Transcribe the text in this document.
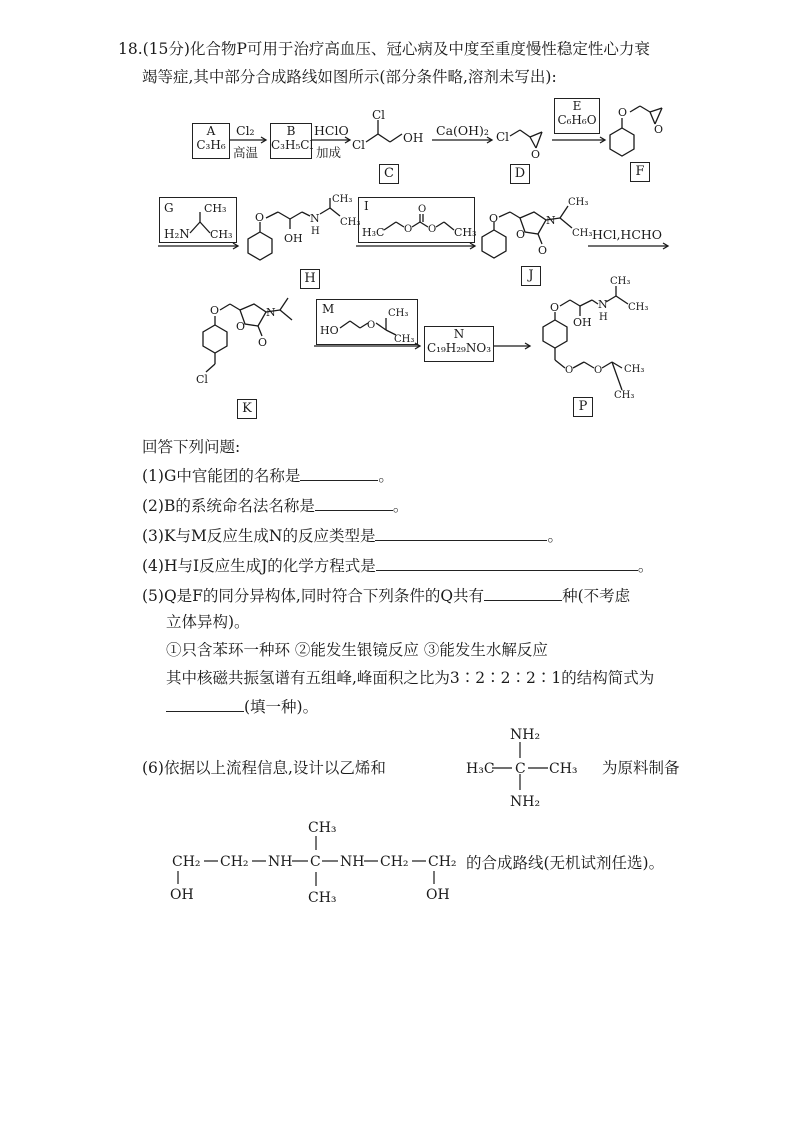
18.(15分)化合物P可用于治疗高血压、冠心病及中度至重度慢性稳定性心力衰
竭等症,其中部分合成路线如图所示(部分条件略,溶剂未写出):
A
C₃H₆
Cl₂
高温
B
C₃H₅Cl
HClO
加成
Ca(OH)₂
E
C₆H₆O
C	D	F
HCl,HCHO
H	J
N
C₁₉H₂₉NO₃
K	P
Cl
Cl
OH	Cl
O
O
O
G
H₂N
CH₃
CH₃
O
OH
N
H
CH₃
CH₃
I
H₃C O
O
O CH₃
O
O
N
O
CH₃
CH₃
M
HO	O
CH₃
CH₃
O
O
N
O
Cl
O
OH
N
H
CH₃
CH₃
O O CH₃
CH₃
回答下列问题:
(1)G中官能团的名称是	。
(2)B的系统命名法名称是	。
(3)K与M反应生成N的反应类型是	。
(4)H与I反应生成J的化学方程式是	。
(5)Q是F的同分异构体,同时符合下列条件的Q共有	种(不考虑
立体异构)。
①只含苯环一种环 ②能发生银镜反应 ③能发生水解反应
其中核磁共振氢谱有五组峰,峰面积之比为3∶2∶2∶2∶1的结构简式为
(填一种)。
(6)依据以上流程信息,设计以乙烯和	为原料制备
NH₂
H₃C C CH₃
NH₂
CH₂ CH₂ NH C NH CH₂ CH₂
CH₃
CH₃
OH	OH
的合成路线(无机试剂任选)。
